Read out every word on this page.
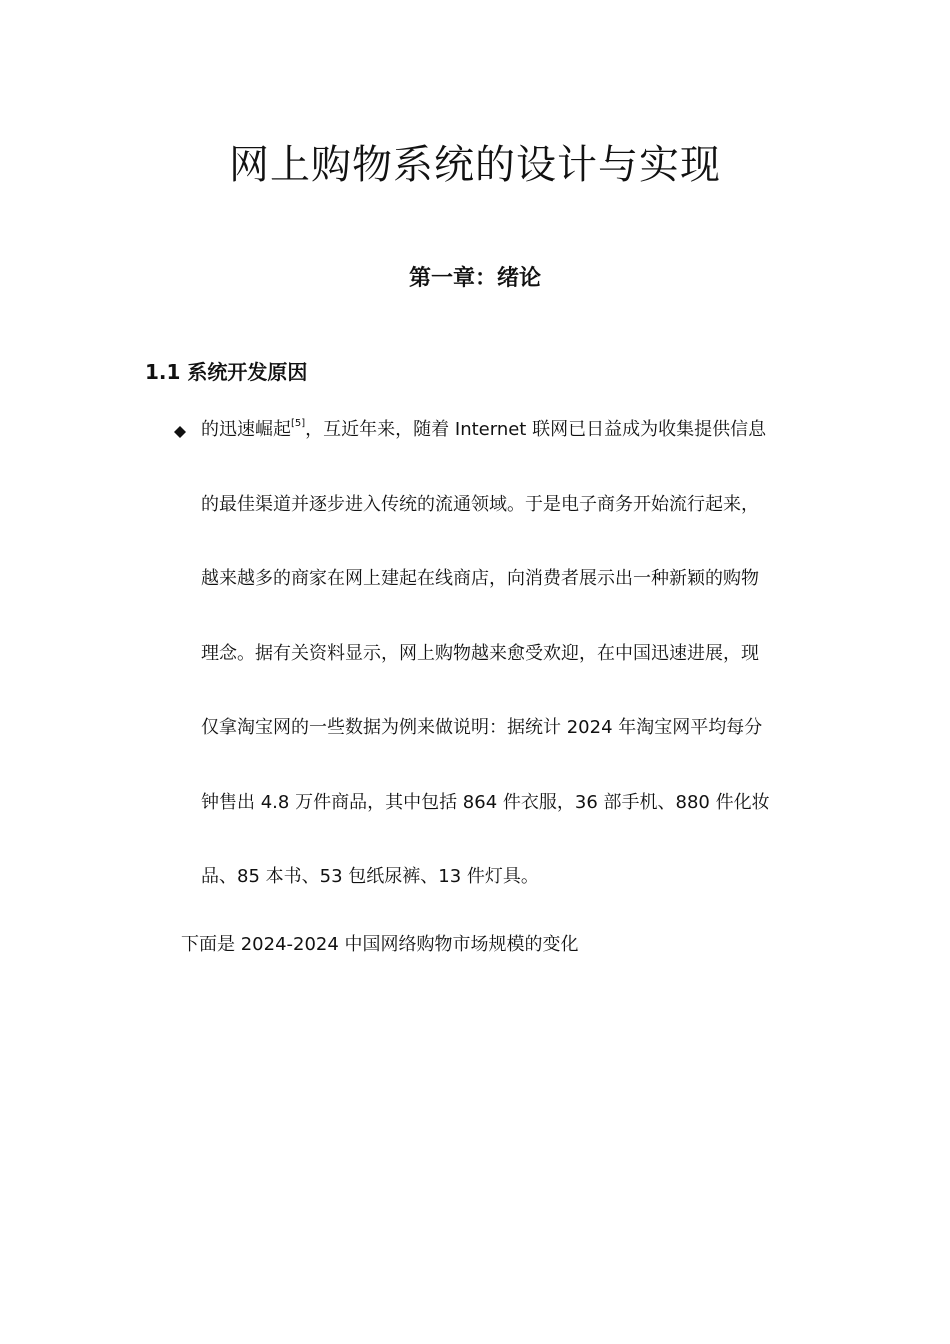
网上购物系统的设计与实现
第一章：绪论
1.1 系统开发原因

的迅速崛起[5]，互近年来，随着 Internet 联网已日益成为收集提供信息
的最佳渠道并逐步进入传统的流通领域。于是电子商务开始流行起来，
越来越多的商家在网上建起在线商店，向消费者展示出一种新颖的购物
理念。据有关资料显示，网上购物越来愈受欢迎，在中国迅速进展，现
仅拿淘宝网的一些数据为例来做说明：据统计 2024 年淘宝网平均每分
钟售出 4.8 万件商品，其中包括 864 件衣服，36 部手机、880 件化妆
品、85 本书、53 包纸尿裤、13 件灯具。

下面是 2024-2024 中国网络购物市场规模的变化
